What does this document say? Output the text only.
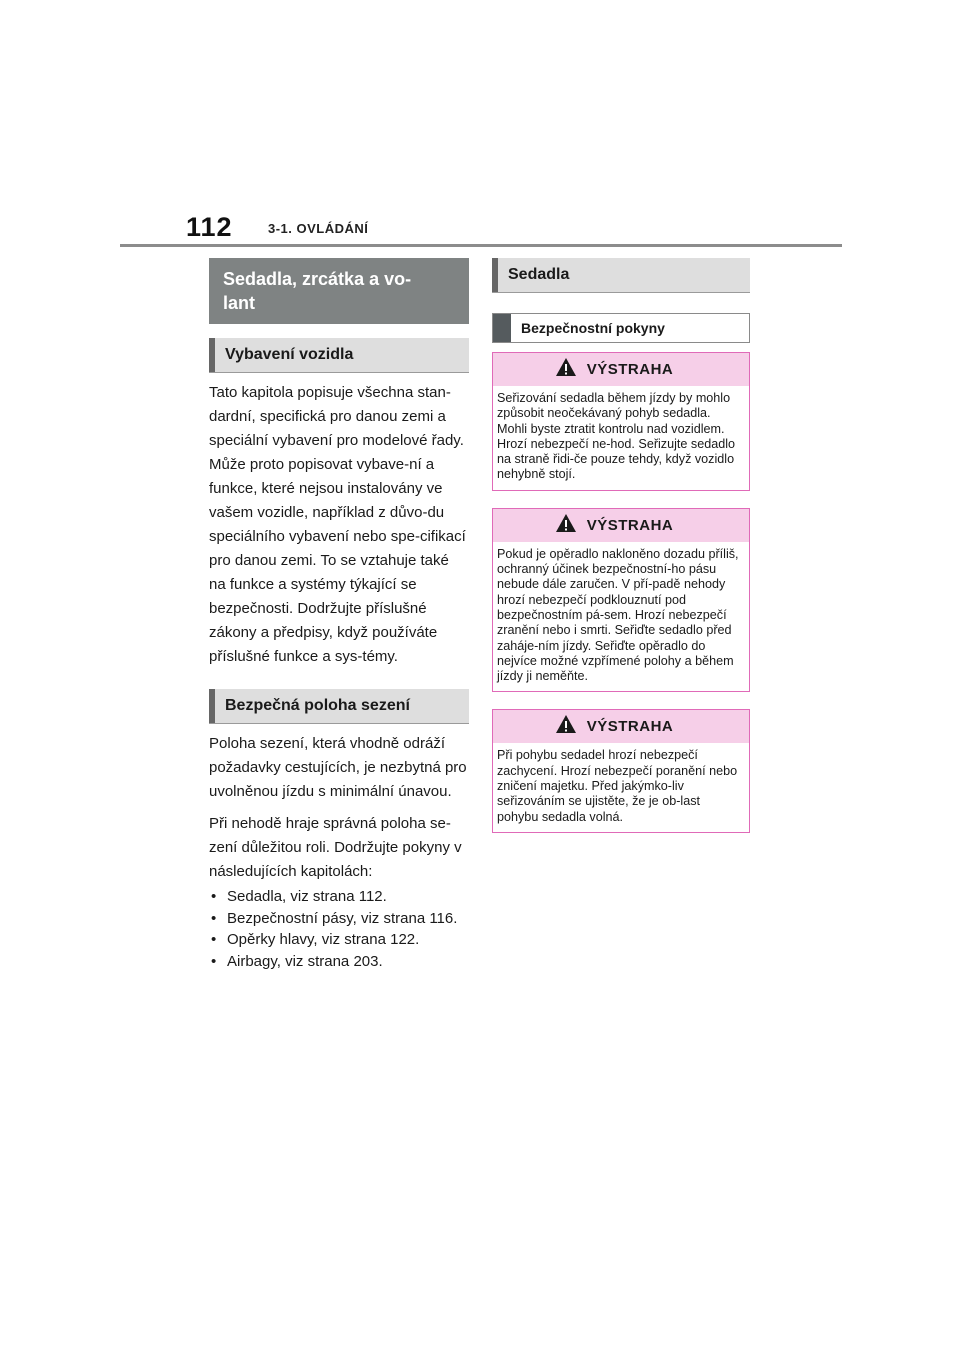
112	3-1. OVLÁDÁNÍ
Sedadla, zrcátka a vo-
lant
Vybavení vozidla

Tato kapitola popisuje všechna stan-dardní, specifická pro danou zemi a speciální vybavení pro modelové řady. Může proto popisovat vybave-ní a funkce, které nejsou instalovány ve vašem vozidle, například z důvo-du speciálního vybavení nebo spe-cifikací pro danou zemi. To se vztahuje také na funkce a systémy týkající se bezpečnosti. Dodržujte příslušné zákony a předpisy, když používáte příslušné funkce a sys-témy.

Bezpečná poloha sezení

Poloha sezení, která vhodně odráží požadavky cestujících, je nezbytná pro uvolněnou jízdu s minimální únavou.

Při nehodě hraje správná poloha se-zení důležitou roli. Dodržujte pokyny v následujících kapitolách:

• Sedadla, viz strana 112.
• Bezpečnostní pásy, viz strana 116.
• Opěrky hlavy, viz strana 122.
• Airbagy, viz strana 203.
Sedadla
Bezpečnostní pokyny
VÝSTRAHA

Seřizování sedadla během jízdy by mohlo způsobit neočekávaný pohyb sedadla. Mohli byste ztratit kontrolu nad vozidlem. Hrozí nebezpečí ne-hod. Seřizujte sedadlo na straně řidi-če pouze tehdy, když vozidlo nehybně stojí.

VÝSTRAHA

Pokud je opěradlo nakloněno dozadu příliš, ochranný účinek bezpečnostní-ho pásu nebude dále zaručen. V pří-padě nehody hrozí nebezpečí podklouznutí pod bezpečnostním pá-sem. Hrozí nebezpečí zranění nebo i smrti. Seřiďte sedadlo před zaháje-ním jízdy. Seřiďte opěradlo do nejvíce možné vzpřímené polohy a během jízdy ji neměňte.

VÝSTRAHA

Při pohybu sedadel hrozí nebezpečí zachycení. Hrozí nebezpečí poranění nebo zničení majetku. Před jakýmko-liv seřizováním se ujistěte, že je ob-last pohybu sedadla volná.
